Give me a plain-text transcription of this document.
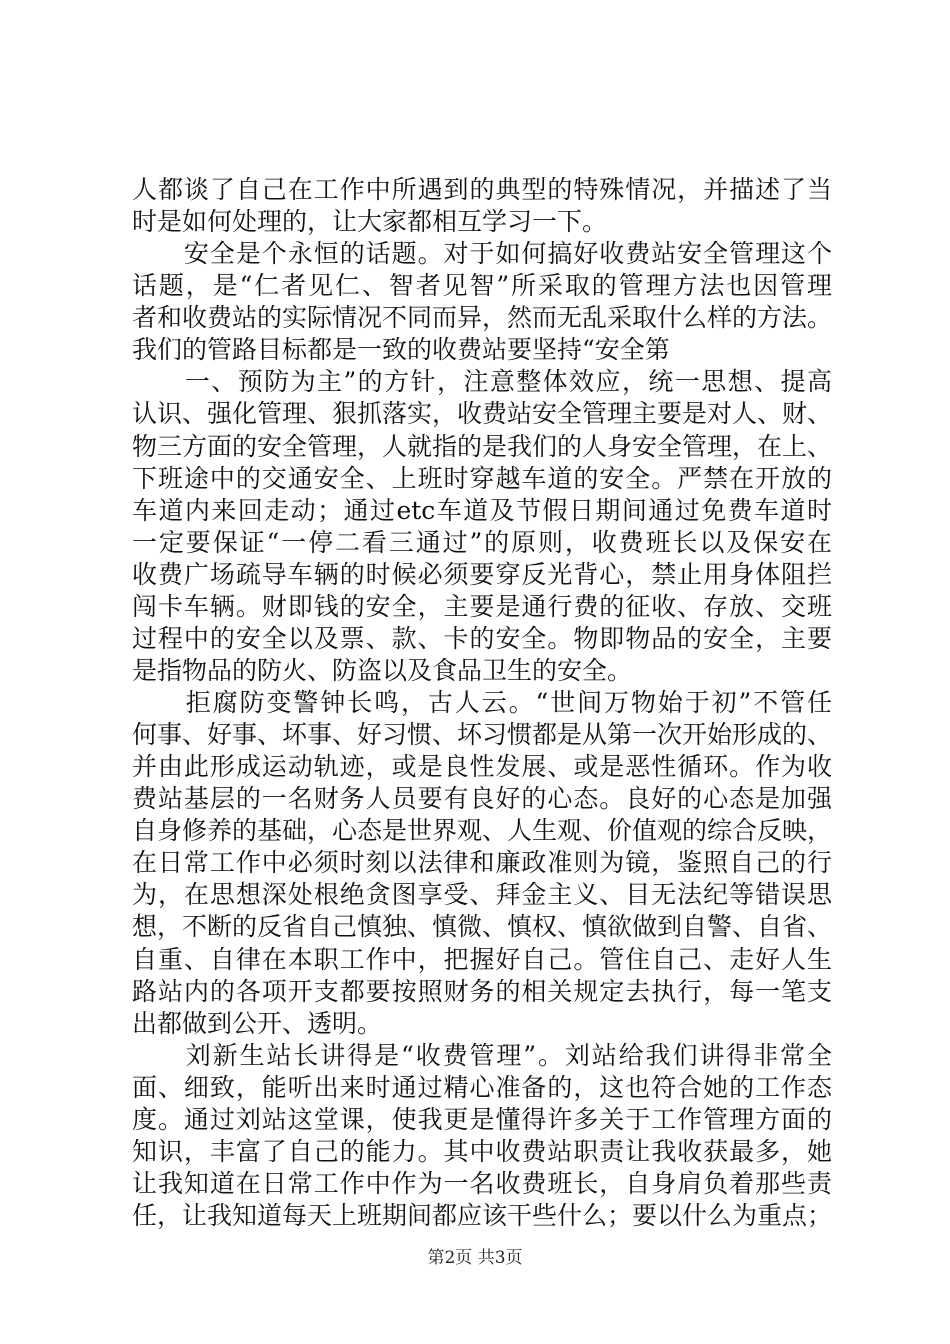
人都谈了自己在工作中所遇到的典型的特殊情况，并描述了当
时是如何处理的，让大家都相互学习一下。
　　安全是个永恒的话题。对于如何搞好收费站安全管理这个
话题，是“仁者见仁、智者见智”所采取的管理方法也因管理
者和收费站的实际情况不同而异，然而无乱采取什么样的方法。
我们的管路目标都是一致的收费站要坚持“安全第
　　一、预防为主”的方针，注意整体效应，统一思想、提高
认识、强化管理、狠抓落实，收费站安全管理主要是对人、财、
物三方面的安全管理，人就指的是我们的人身安全管理，在上、
下班途中的交通安全、上班时穿越车道的安全。严禁在开放的
车道内来回走动；通过etc车道及节假日期间通过免费车道时
一定要保证“一停二看三通过”的原则，收费班长以及保安在
收费广场疏导车辆的时候必须要穿反光背心，禁止用身体阻拦
闯卡车辆。财即钱的安全，主要是通行费的征收、存放、交班
过程中的安全以及票、款、卡的安全。物即物品的安全，主要
是指物品的防火、防盗以及食品卫生的安全。
　　拒腐防变警钟长鸣，古人云。“世间万物始于初”不管任
何事、好事、坏事、好习惯、坏习惯都是从第一次开始形成的、
并由此形成运动轨迹，或是良性发展、或是恶性循环。作为收
费站基层的一名财务人员要有良好的心态。良好的心态是加强
自身修养的基础，心态是世界观、人生观、价值观的综合反映，
在日常工作中必须时刻以法律和廉政准则为镜，鉴照自己的行
为，在思想深处根绝贪图享受、拜金主义、目无法纪等错误思
想，不断的反省自己慎独、慎微、慎权、慎欲做到自警、自省、
自重、自律在本职工作中，把握好自己。管住自己、走好人生
路站内的各项开支都要按照财务的相关规定去执行，每一笔支
出都做到公开、透明。
　　刘新生站长讲得是“收费管理”。刘站给我们讲得非常全
面、细致，能听出来时通过精心准备的，这也符合她的工作态
度。通过刘站这堂课，使我更是懂得许多关于工作管理方面的
知识，丰富了自己的能力。其中收费站职责让我收获最多，她
让我知道在日常工作中作为一名收费班长，自身肩负着那些责
任，让我知道每天上班期间都应该干些什么；要以什么为重点；
第2页 共3页
